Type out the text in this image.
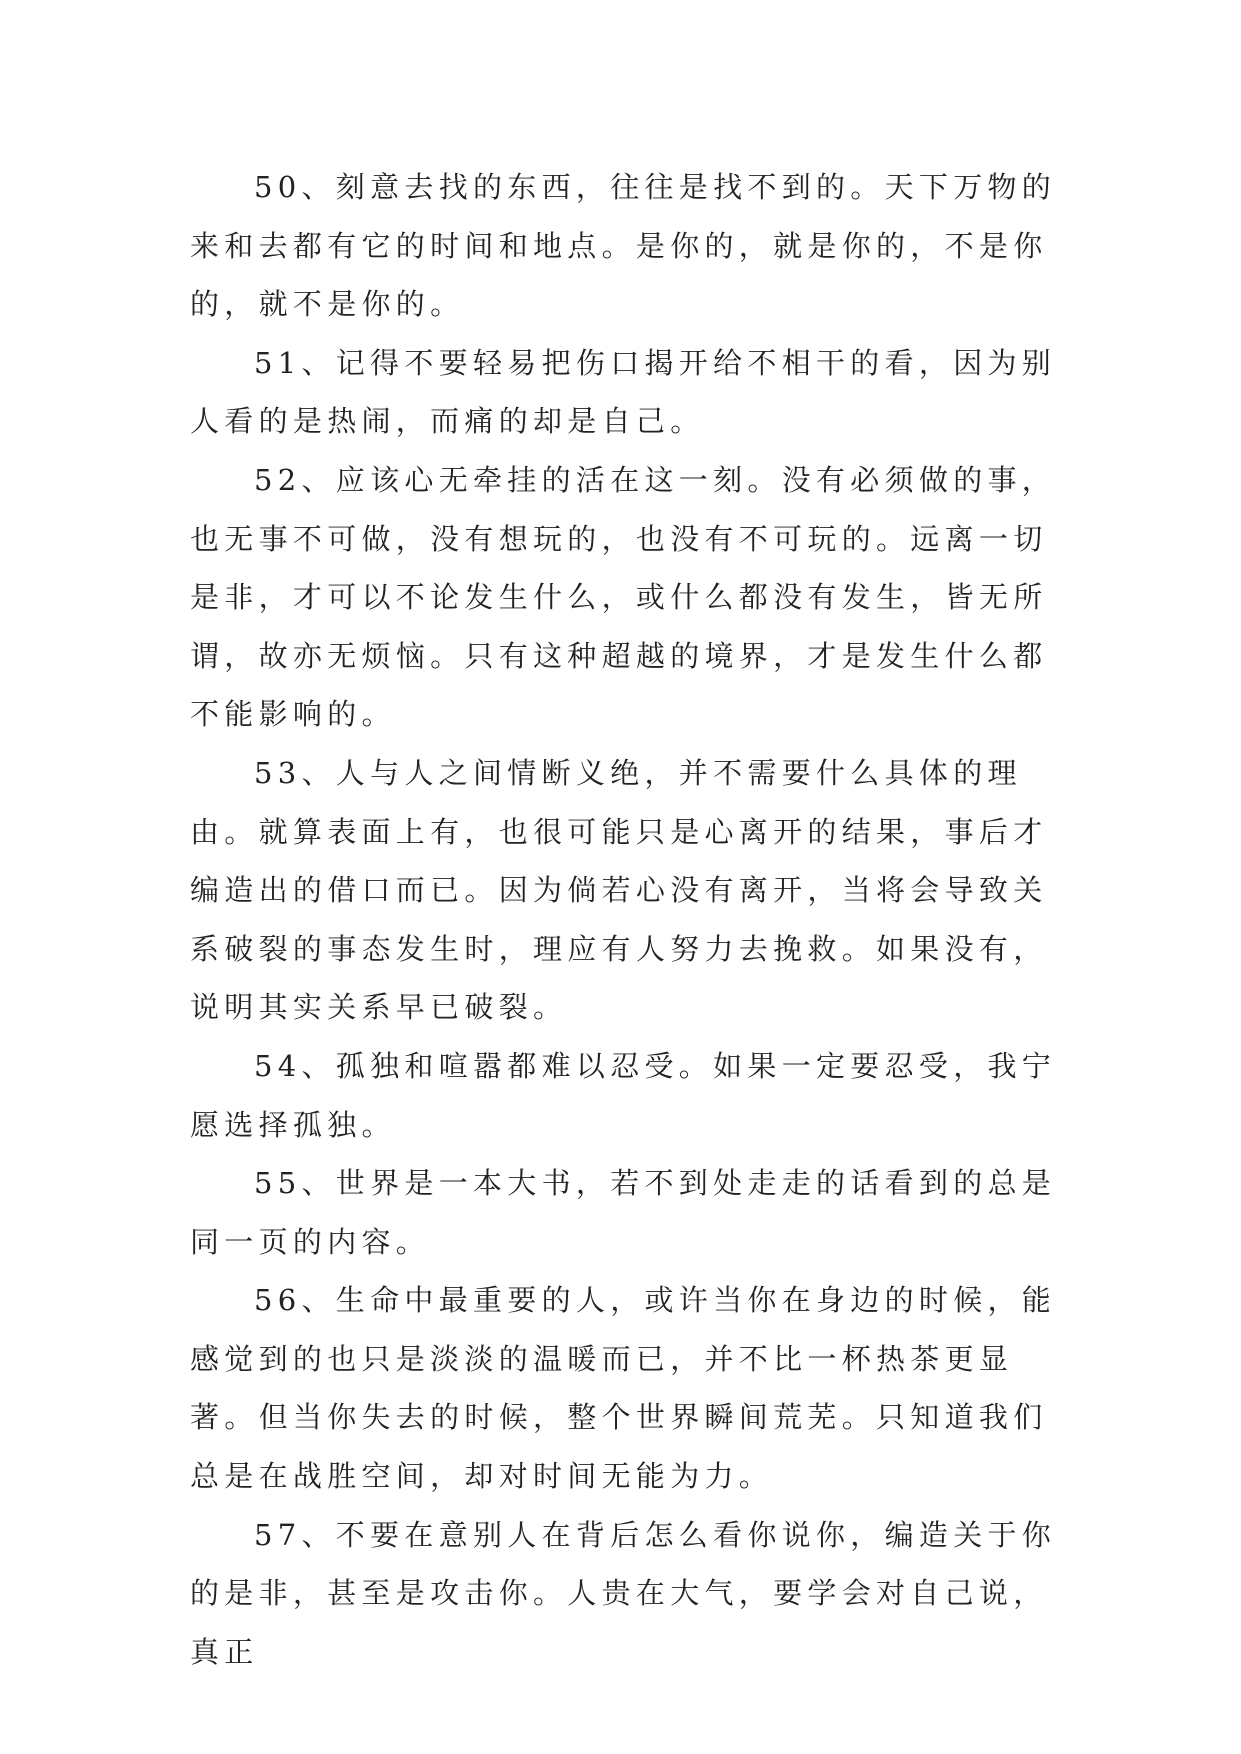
50、刻意去找的东西，往往是找不到的。天下万物的来和去都有它的时间和地点。是你的，就是你的，不是你的，就不是你的。

51、记得不要轻易把伤口揭开给不相干的看，因为别人看的是热闹，而痛的却是自己。

52、应该心无牵挂的活在这一刻。没有必须做的事，也无事不可做，没有想玩的，也没有不可玩的。远离一切是非，才可以不论发生什么，或什么都没有发生，皆无所谓，故亦无烦恼。只有这种超越的境界，才是发生什么都不能影响的。

53、人与人之间情断义绝，并不需要什么具体的理由。就算表面上有，也很可能只是心离开的结果，事后才编造出的借口而已。因为倘若心没有离开，当将会导致关系破裂的事态发生时，理应有人努力去挽救。如果没有，说明其实关系早已破裂。

54、孤独和喧嚣都难以忍受。如果一定要忍受，我宁愿选择孤独。

55、世界是一本大书，若不到处走走的话看到的总是同一页的内容。

56、生命中最重要的人，或许当你在身边的时候，能感觉到的也只是淡淡的温暖而已，并不比一杯热茶更显著。但当你失去的时候，整个世界瞬间荒芜。只知道我们总是在战胜空间，却对时间无能为力。

57、不要在意别人在背后怎么看你说你，编造关于你的是非，甚至是攻击你。人贵在大气，要学会对自己说，真正
